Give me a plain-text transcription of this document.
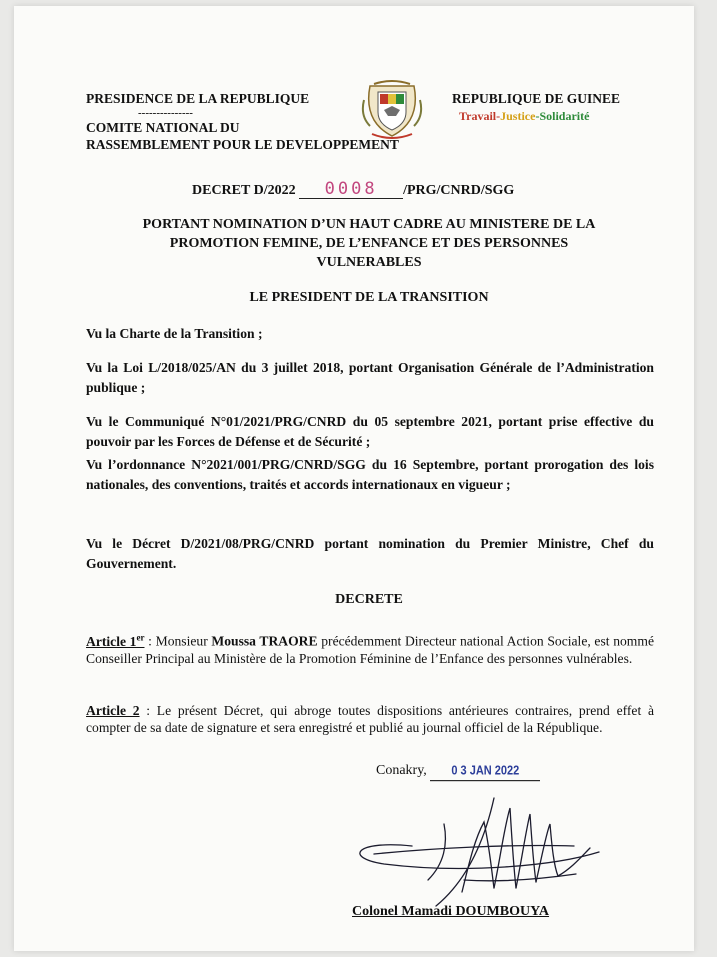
PRESIDENCE DE LA REPUBLIQUE
---------------
COMITE NATIONAL DU
RASSEMBLEMENT POUR LE DEVELOPPEMENT
REPUBLIQUE DE GUINEE
Travail-Justice-Solidarité
DECRET D/2022 0008 /PRG/CNRD/SGG
PORTANT NOMINATION D’UN HAUT CADRE AU MINISTERE DE LA
PROMOTION FEMINE, DE L’ENFANCE ET DES PERSONNES
VULNERABLES
LE PRESIDENT DE LA TRANSITION
Vu la Charte de la Transition ;
Vu la Loi L/2018/025/AN du 3 juillet 2018, portant Organisation Générale de l’Administration publique ;
Vu le Communiqué N°01/2021/PRG/CNRD du 05 septembre 2021, portant prise effective du pouvoir par les Forces de Défense et de Sécurité ;
Vu l’ordonnance N°2021/001/PRG/CNRD/SGG du 16 Septembre, portant prorogation des lois nationales, des conventions, traités et accords internationaux en vigueur ;
Vu le Décret D/2021/08/PRG/CNRD portant nomination du Premier Ministre, Chef du Gouvernement.
DECRETE
Article 1er : Monsieur Moussa TRAORE précédemment Directeur national Action Sociale, est nommé Conseiller Principal au Ministère de la Promotion Féminine de l’Enfance des personnes vulnérables.
Article 2 : Le présent Décret, qui abroge toutes dispositions antérieures contraires, prend effet à compter de sa date de signature et sera enregistré et publié au journal officiel de la République.
Conakry, 0 3 JAN 2022
Colonel Mamadi DOUMBOUYA
